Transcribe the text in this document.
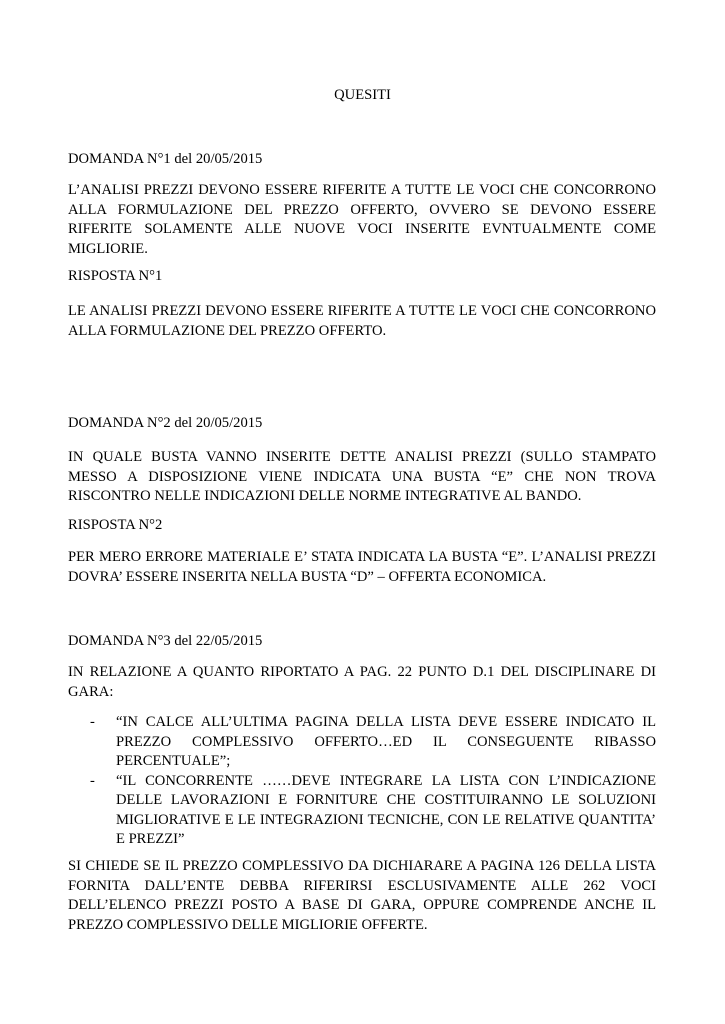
QUESITI

DOMANDA N°1 del 20/05/2015

L’ANALISI PREZZI DEVONO ESSERE RIFERITE A TUTTE LE VOCI CHE CONCORRONO ALLA FORMULAZIONE DEL PREZZO OFFERTO, OVVERO SE DEVONO ESSERE RIFERITE SOLAMENTE ALLE NUOVE VOCI INSERITE EVNTUALMENTE COME MIGLIORIE.

RISPOSTA N°1

LE ANALISI PREZZI DEVONO ESSERE RIFERITE A TUTTE LE VOCI CHE CONCORRONO ALLA FORMULAZIONE DEL PREZZO OFFERTO.

DOMANDA N°2 del 20/05/2015

IN QUALE BUSTA VANNO INSERITE DETTE ANALISI PREZZI (SULLO STAMPATO MESSO A DISPOSIZIONE VIENE INDICATA UNA BUSTA “E” CHE NON TROVA RISCONTRO NELLE INDICAZIONI DELLE NORME INTEGRATIVE AL BANDO.

RISPOSTA N°2

PER MERO ERRORE MATERIALE E’ STATA INDICATA LA BUSTA “E”. L’ANALISI PREZZI DOVRA’ ESSERE INSERITA NELLA BUSTA “D” – OFFERTA ECONOMICA.

DOMANDA N°3 del 22/05/2015

IN RELAZIONE A QUANTO RIPORTATO A PAG. 22 PUNTO D.1 DEL DISCIPLINARE DI GARA:

- “IN CALCE ALL’ULTIMA PAGINA DELLA LISTA DEVE ESSERE INDICATO IL PREZZO COMPLESSIVO OFFERTO…ED IL CONSEGUENTE RIBASSO PERCENTUALE”;
- “IL CONCORRENTE ……DEVE INTEGRARE LA LISTA CON L’INDICAZIONE DELLE LAVORAZIONI E FORNITURE CHE COSTITUIRANNO LE SOLUZIONI MIGLIORATIVE E LE INTEGRAZIONI TECNICHE, CON LE RELATIVE QUANTITA’ E PREZZI”

SI CHIEDE SE IL PREZZO COMPLESSIVO DA DICHIARARE A PAGINA 126 DELLA LISTA FORNITA DALL’ENTE DEBBA RIFERIRSI ESCLUSIVAMENTE ALLE 262 VOCI DELL’ELENCO PREZZI POSTO A BASE DI GARA, OPPURE COMPRENDE ANCHE IL PREZZO COMPLESSIVO DELLE MIGLIORIE OFFERTE.
